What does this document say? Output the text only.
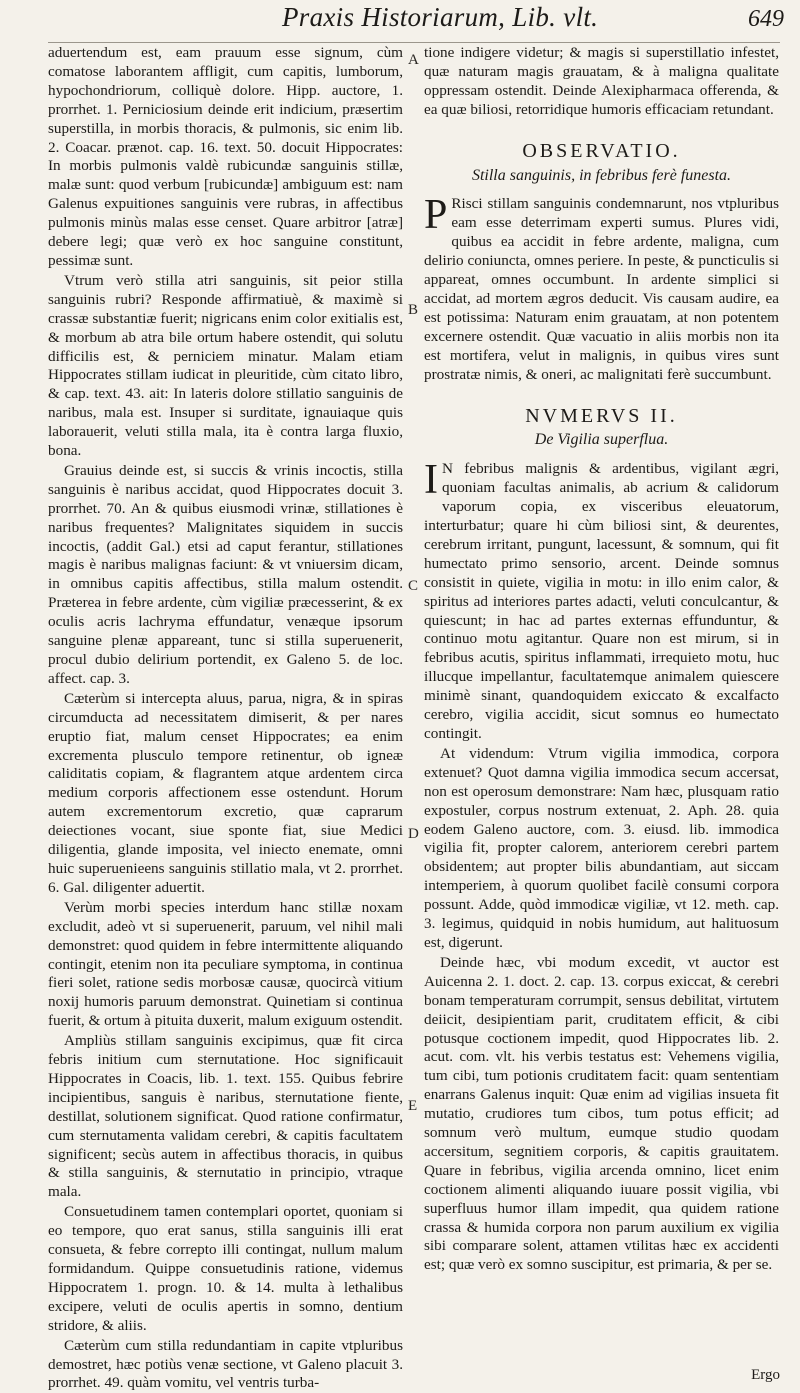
Praxis Historiarum, Lib. vlt.	649

aduertendum est, eam prauum esse signum, cùm comatose laborantem affligit, cum capitis, lumborum, hypochondriorum, colliquè dolore. Hipp. auctore, 1. prorrhet. 1. Perniciosium deinde erit indicium, præsertim superstilla, in morbis thoracis, & pulmonis, sic enim lib. 2. Coacar. prænot. cap. 16. text. 50. docuit Hippocrates: In morbis pulmonis valdè rubicundæ sanguinis stillæ, malæ sunt: quod verbum [rubicundæ] ambiguum est: nam Galenus expuitiones sanguinis vere rubras, in affectibus pulmonis minùs malas esse censet. Quare arbitror [atræ] debere legi; quæ verò ex hoc sanguine constitunt, pessimæ sunt.

Vtrum verò stilla atri sanguinis, sit peior stilla sanguinis rubri? Responde affirmatiuè, & maximè si crassæ substantiæ fuerit; nigricans enim color exitialis est, & morbum ab atra bile ortum habere ostendit, qui solutu difficilis est, & perniciem minatur. Malam etiam Hippocrates stillam iudicat in pleuritide, cùm citato libro, & cap. text. 43. ait: In lateris dolore stillatio sanguinis de naribus, mala est. Insuper si surditate, ignauiaque quis laborauerit, veluti stilla mala, ita è contra larga fluxio, bona.

Grauius deinde est, si succis & vrinis incoctis, stilla sanguinis è naribus accidat, quod Hippocrates docuit 3. prorrhet. 70. An & quibus eiusmodi vrinæ, stillationes è naribus frequentes? Malignitates siquidem in succis incoctis, (addit Gal.) etsi ad caput ferantur, stillationes magis è naribus malignas faciunt: & vt vniuersim dicam, in omnibus capitis affectibus, stilla malum ostendit. Præterea in febre ardente, cùm vigiliæ præcesserint, & ex oculis acris lachryma effundatur, venæque ipsorum sanguine plenæ appareant, tunc si stilla superuenerit, procul dubio delirium portendit, ex Galeno 5. de loc. affect. cap. 3.

Cæterùm si intercepta aluus, parua, nigra, & in spiras circumducta ad necessitatem dimiserit, & per nares eruptio fiat, malum censet Hippocrates; ea enim excrementa plusculo tempore retinentur, ob igneæ caliditatis copiam, & flagrantem atque ardentem circa medium corporis affectionem esse ostendunt. Horum autem excrementorum excretio, quæ caprarum deiectiones vocant, siue sponte fiat, siue Medici diligentia, glande imposita, vel iniecto enemate, omni huic superuenieens sanguinis stillatio mala, vt 2. prorrhet. 6. Gal. diligenter aduertit.

Verùm morbi species interdum hanc stillæ noxam excludit, adeò vt si superuenerit, paruum, vel nihil mali demonstret: quod quidem in febre intermittente aliquando contingit, etenim non ita peculiare symptoma, in continua fieri solet, ratione sedis morbosæ causæ, quocircà vitium noxij humoris paruum demonstrat. Quinetiam si continua fuerit, & ortum à pituita duxerit, malum exiguum ostendit.

Ampliùs stillam sanguinis excipimus, quæ fit circa febris initium cum sternutatione. Hoc significauit Hippocrates in Coacis, lib. 1. text. 155. Quibus febrire incipientibus, sanguis è naribus, sternutatione fiente, destillat, solutionem significat. Quod ratione confirmatur, cum sternutamenta validam cerebri, & capitis facultatem significent; secùs autem in affectibus thoracis, in quibus & stilla sanguinis, & sternutatio in principio, vtraque mala.

Consuetudinem tamen contemplari oportet, quoniam si eo tempore, quo erat sanus, stilla sanguinis illi erat consueta, & febre correpto illi contingat, nullum malum formidandum. Quippe consuetudinis ratione, videmus Hippocratem 1. progn. 10. & 14. multa à lethalibus excipere, veluti de oculis apertis in somno, dentium stridore, & aliis.

Cæterùm cum stilla redundantiam in capite vtpluribus demostret, hæc potiùs venæ sectione, vt Galeno placuit 3. prorrhet. 49. quàm vomitu, vel ventris turba-

A
B
C
D
E

tione indigere videtur; & magis si superstillatio infestet, quæ naturam magis grauatam, & à maligna qualitate oppressam ostendit. Deinde Alexipharmaca offerenda, & ea quæ biliosi, retorridique humoris efficaciam retundant.

OBSERVATIO.
Stilla sanguinis, in febribus ferè funesta.

P Risci stillam sanguinis condemnarunt, nos vtpluribus eam esse deterrimam experti sumus. Plures vidi, quibus ea accidit in febre ardente, maligna, cum delirio coniuncta, omnes periere. In peste, & puncticulis si appareat, omnes occumbunt. In ardente simplici si accidat, ad mortem ægros deducit. Vis causam audire, ea est potissima: Naturam enim grauatam, at non potentem excernere ostendit. Quæ vacuatio in aliis morbis non ita est mortifera, velut in malignis, in quibus vires sunt prostratæ nimis, & oneri, ac malignitati ferè succumbunt.

NVMERVS II.
De Vigilia superflua.

I N febribus malignis & ardentibus, vigilant ægri, quoniam facultas animalis, ab acrium & calidorum vaporum copia, ex visceribus eleuatorum, interturbatur; quare hi cùm biliosi sint, & deurentes, cerebrum irritant, pungunt, lacessunt, & somnum, qui fit humectato primo sensorio, arcent. Deinde somnus consistit in quiete, vigilia in motu: in illo enim calor, & spiritus ad interiores partes adacti, veluti conculcantur, & quiescunt; in hac ad partes externas effunduntur, & continuo motu agitantur. Quare non est mirum, si in febribus acutis, spiritus inflammati, irrequieto motu, huc illucque impellantur, facultatemque animalem quiescere minimè sinant, quandoquidem exiccato & excalfacto cerebro, vigilia accidit, sicut somnus eo humectato contingit.

At videndum: Vtrum vigilia immodica, corpora extenuet? Quot damna vigilia immodica secum accersat, non est operosum demonstrare: Nam hæc, plusquam ratio expostuler, corpus nostrum extenuat, 2. Aph. 28. quia eodem Galeno auctore, com. 3. eiusd. lib. immodica vigilia fit, propter calorem, anteriorem cerebri partem obsidentem; aut propter bilis abundantiam, aut siccam intemperiem, à quorum quolibet facilè consumi corpora possunt. Adde, quòd immodicæ vigiliæ, vt 12. meth. cap. 3. legimus, quidquid in nobis humidum, aut halituosum est, digerunt.

Deinde hæc, vbi modum excedit, vt auctor est Auicenna 2. 1. doct. 2. cap. 13. corpus exiccat, & cerebri bonam temperaturam corrumpit, sensus debilitat, virtutem deiicit, desipientiam parit, cruditatem efficit, & cibi potusque coctionem impedit, quod Hippocrates lib. 2. acut. com. vlt. his verbis testatus est: Vehemens vigilia, tum cibi, tum potionis cruditatem facit: quam sententiam enarrans Galenus inquit: Quæ enim ad vigilias insueta fit mutatio, crudiores tum cibos, tum potus efficit; ad somnum verò multum, eumque studio quodam accersitum, segnitiem corporis, & capitis grauitatem. Quare in febribus, vigilia arcenda omnino, licet enim coctionem alimenti aliquando iuuare possit vigilia, vbi superfluus humor illam impedit, qua quidem ratione crassa & humida corpora non parum auxilium ex vigilia sibi comparare solent, attamen vtilitas hæc ex accidenti est; quæ verò ex somno suscipitur, est primaria, & per se.

Ergo
